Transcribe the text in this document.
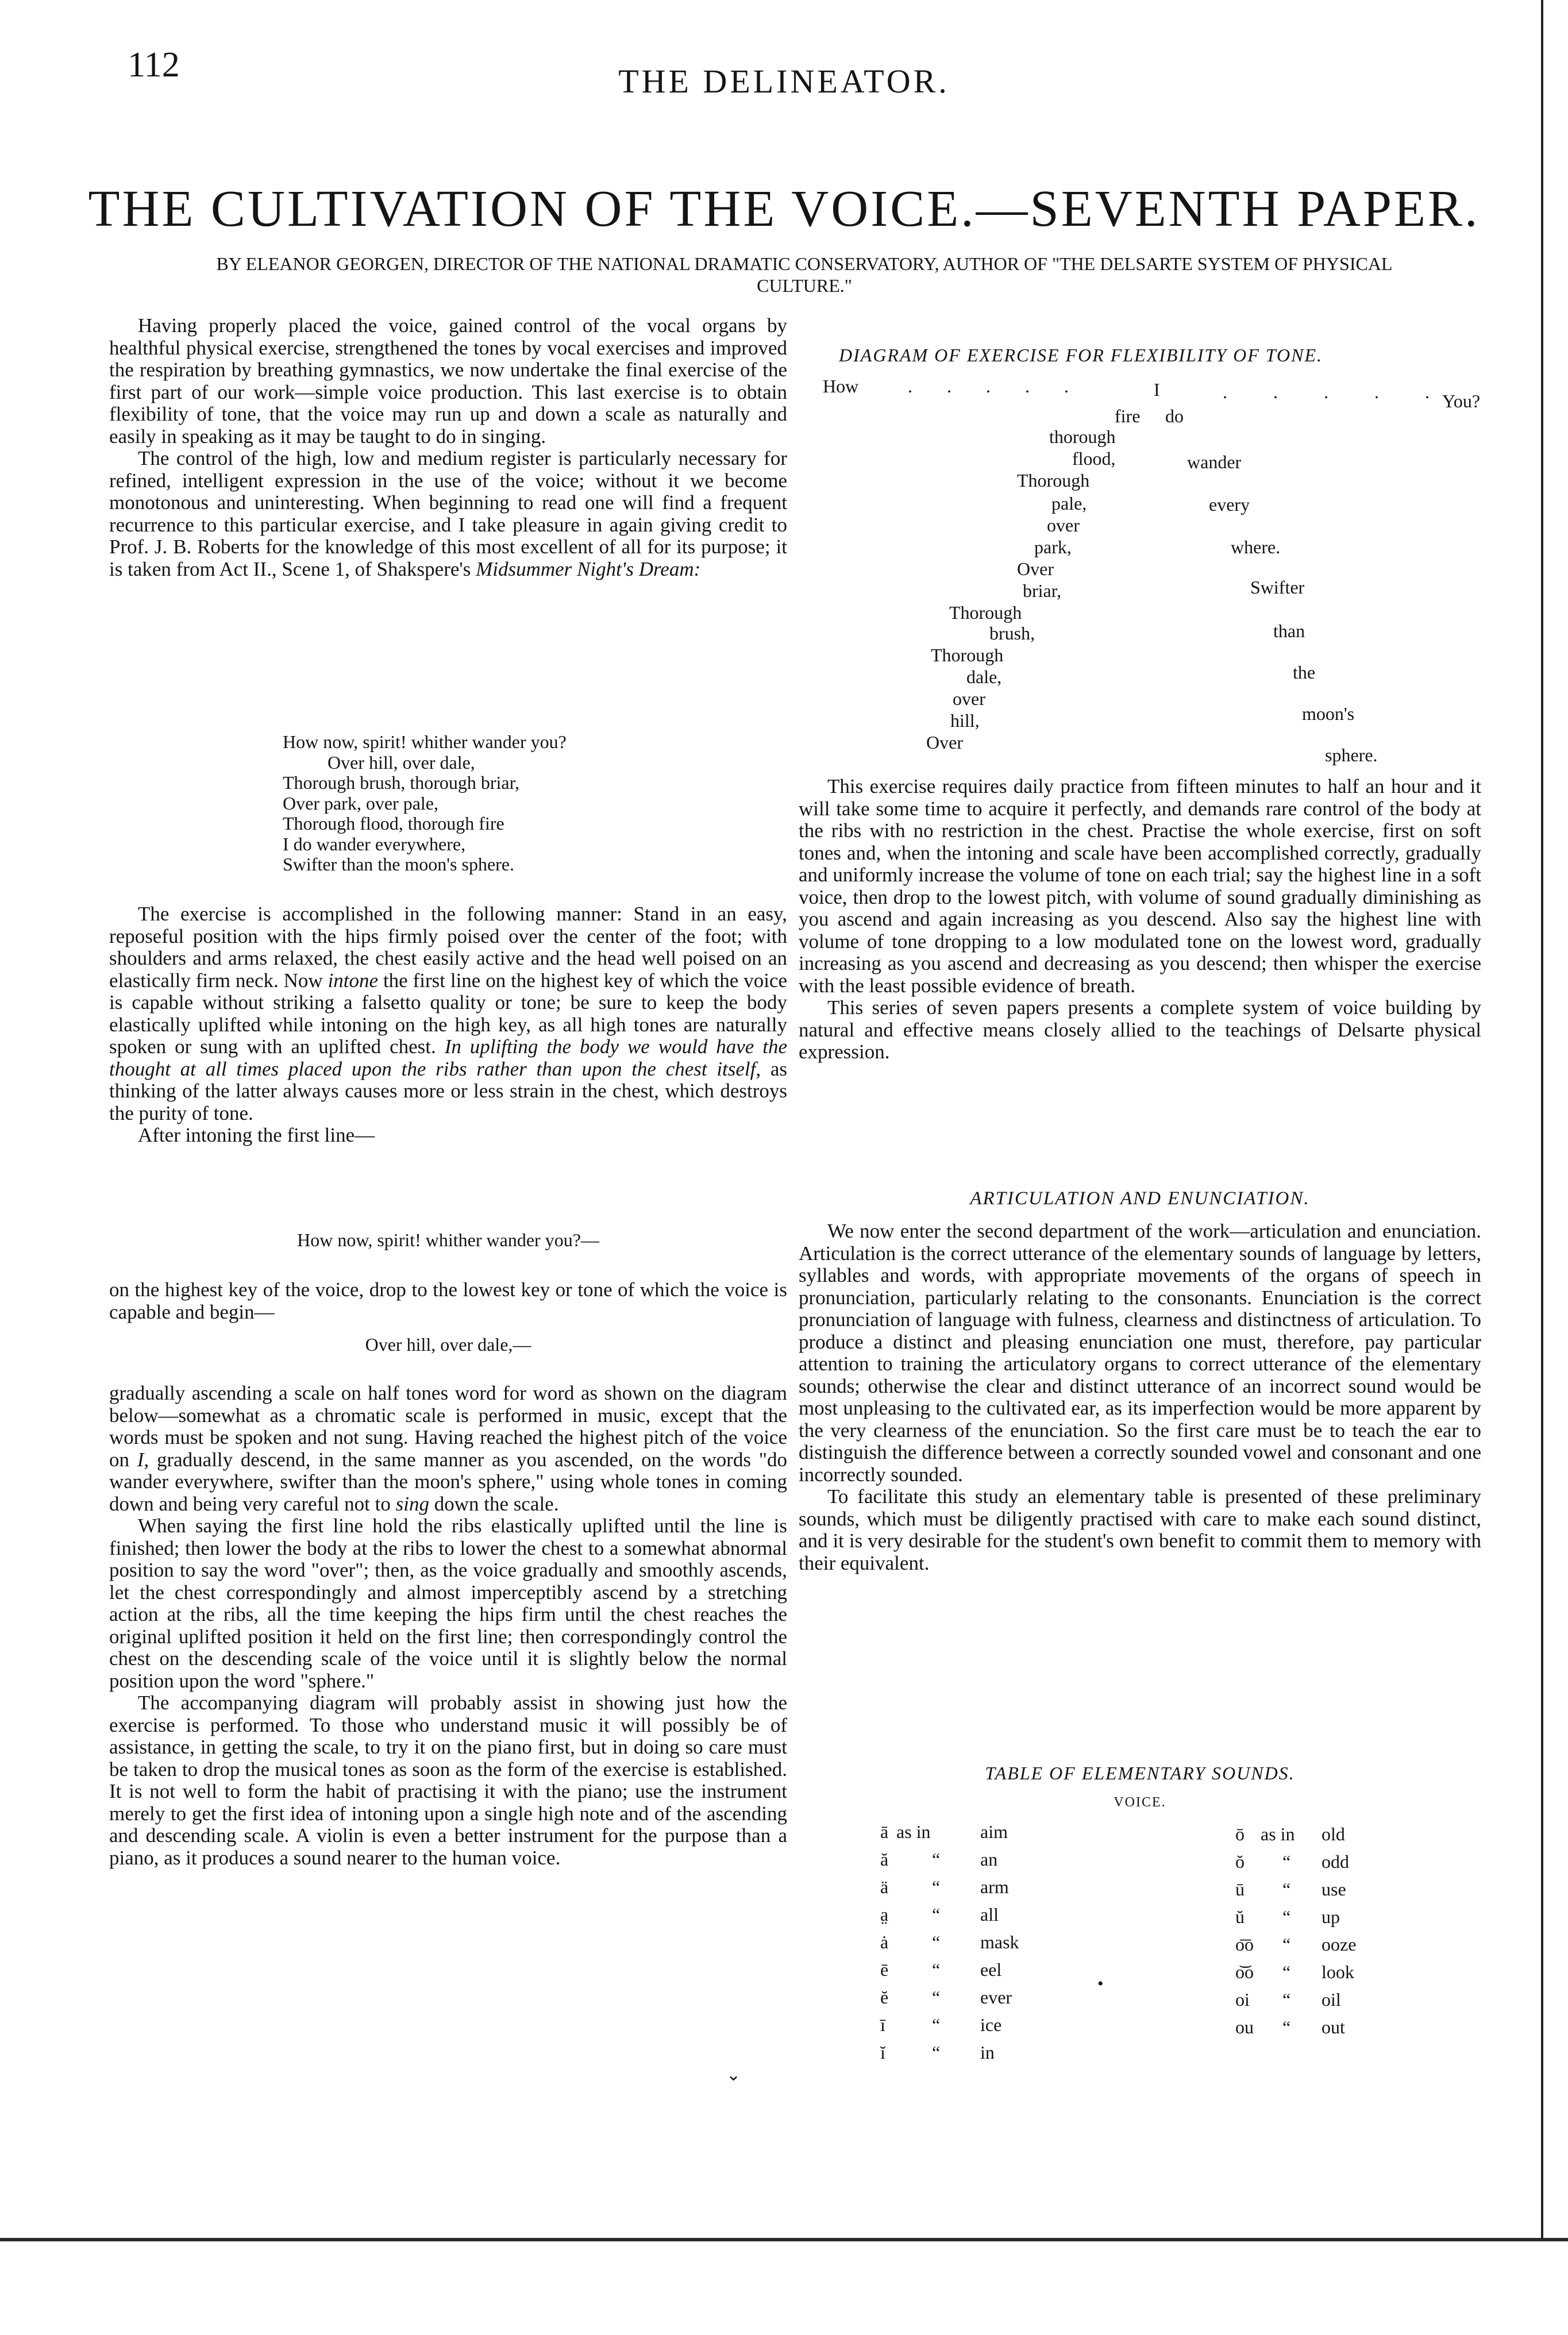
112	THE DELINEATOR.
THE CULTIVATION OF THE VOICE.—SEVENTH PAPER.
BY ELEANOR GEORGEN, DIRECTOR OF THE NATIONAL DRAMATIC CONSERVATORY, AUTHOR OF "THE DELSARTE SYSTEM OF PHYSICAL CULTURE."

Having properly placed the voice, gained control of the vocal organs by healthful physical exercise, strengthened the tones by vocal exercises and improved the respiration by breathing gymnastics, we now undertake the final exercise of the first part of our work—simple voice production. This last exercise is to obtain flexibility of tone, that the voice may run up and down a scale as naturally and easily in speaking as it may be taught to do in singing.

The control of the high, low and medium register is particularly necessary for refined, intelligent expression in the use of the voice; without it we become monotonous and uninteresting. When beginning to read one will find a frequent recurrence to this particular exercise, and I take pleasure in again giving credit to Prof. J. B. Roberts for the knowledge of this most excellent of all for its purpose; it is taken from Act II., Scene 1, of Shakspere's Midsummer Night's Dream:

How now, spirit! whither wander you?
Over hill, over dale,
Thorough brush, thorough briar,
Over park, over pale,
Thorough flood, thorough fire
I do wander everywhere,
Swifter than the moon's sphere.

The exercise is accomplished in the following manner: Stand in an easy, reposeful position with the hips firmly poised over the center of the foot; with shoulders and arms relaxed, the chest easily active and the head well poised on an elastically firm neck. Now intone the first line on the highest key of which the voice is capable without striking a falsetto quality or tone; be sure to keep the body elastically uplifted while intoning on the high key, as all high tones are naturally spoken or sung with an uplifted chest. In uplifting the body we would have the thought at all times placed upon the ribs rather than upon the chest itself, as thinking of the latter always causes more or less strain in the chest, which destroys the purity of tone.

After intoning the first line—

How now, spirit! whither wander you?—

on the highest key of the voice, drop to the lowest key or tone of which the voice is capable and begin—

Over hill, over dale,—

gradually ascending a scale on half tones word for word as shown on the diagram below—somewhat as a chromatic scale is performed in music, except that the words must be spoken and not sung. Having reached the highest pitch of the voice on I, gradually descend, in the same manner as you ascended, on the words "do wander everywhere, swifter than the moon's sphere," using whole tones in coming down and being very careful not to sing down the scale.

When saying the first line hold the ribs elastically uplifted until the line is finished; then lower the body at the ribs to lower the chest to a somewhat abnormal position to say the word "over"; then, as the voice gradually and smoothly ascends, let the chest correspondingly and almost imperceptibly ascend by a stretching action at the ribs, all the time keeping the hips firm until the chest reaches the original uplifted position it held on the first line; then correspondingly control the chest on the descending scale of the voice until it is slightly below the normal position upon the word "sphere."

The accompanying diagram will probably assist in showing just how the exercise is performed. To those who understand music it will possibly be of assistance, in getting the scale, to try it on the piano first, but in doing so care must be taken to drop the musical tones as soon as the form of the exercise is established. It is not well to form the habit of practising it with the piano; use the instrument merely to get the first idea of intoning upon a single high note and of the ascending and descending scale. A violin is even a better instrument for the purpose than a piano, as it produces a sound nearer to the human voice.

DIAGRAM OF EXERCISE FOR FLEXIBILITY OF TONE.
How	. . . . .	I	. . . . .
You?
fire do
thorough
flood,	wander
Thorough
pale,	every
over
park,	where.
Over
briar,	Swifter
Thorough
brush,	than
Thorough
dale,	the
over
hill,	moon's
Over
sphere.

This exercise requires daily practice from fifteen minutes to half an hour and it will take some time to acquire it perfectly, and demands rare control of the body at the ribs with no restriction in the chest. Practise the whole exercise, first on soft tones and, when the intoning and scale have been accomplished correctly, gradually and uniformly increase the volume of tone on each trial; say the highest line in a soft voice, then drop to the lowest pitch, with volume of sound gradually diminishing as you ascend and again increasing as you descend. Also say the highest line with volume of tone dropping to a low modulated tone on the lowest word, gradually increasing as you ascend and decreasing as you descend; then whisper the exercise with the least possible evidence of breath.

This series of seven papers presents a complete system of voice building by natural and effective means closely allied to the teachings of Delsarte physical expression.

ARTICULATION AND ENUNCIATION.

We now enter the second department of the work—articulation and enunciation. Articulation is the correct utterance of the elementary sounds of language by letters, syllables and words, with appropriate movements of the organs of speech in pronunciation, particularly relating to the consonants. Enunciation is the correct pronunciation of language with fulness, clearness and distinctness of articulation. To produce a distinct and pleasing enunciation one must, therefore, pay particular attention to training the articulatory organs to correct utterance of the elementary sounds; otherwise the clear and distinct utterance of an incorrect sound would be most unpleasing to the cultivated ear, as its imperfection would be more apparent by the very clearness of the enunciation. So the first care must be to teach the ear to distinguish the difference between a correctly sounded vowel and consonant and one incorrectly sounded.

To facilitate this study an elementary table is presented of these preliminary sounds, which must be diligently practised with care to make each sound distinct, and it is very desirable for the student's own benefit to commit them to memory with their equivalent.

TABLE OF ELEMENTARY SOUNDS.
VOICE.
ā as in	aim
ă “ an
ä “ arm
a̤ “ all
ȧ “ mask
ē “ eel
ĕ “ ever
ī	“ ice
ĭ	“ in
ō as in old
ŏ “ odd
ū “ use
ŭ “ up
o͞o “ ooze
o͝o “ look
oi “ oil
ou “ out
•
⌄
